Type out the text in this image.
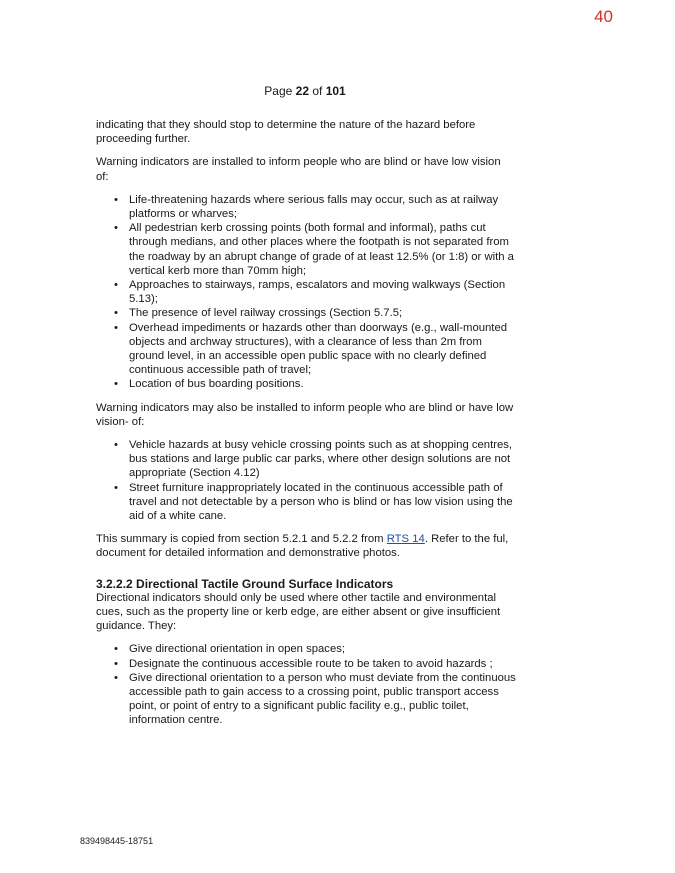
40
Page 22 of 101

indicating that they should stop to determine the nature of the hazard before proceeding further.

Warning indicators are installed to inform people who are blind or have low vision of:

• Life-threatening hazards where serious falls may occur, such as at railway platforms or wharves;
• All pedestrian kerb crossing points (both formal and informal), paths cut through medians, and other places where the footpath is not separated from the roadway by an abrupt change of grade of at least 12.5% (or 1:8) or with a vertical kerb more than 70mm high;
• Approaches to stairways, ramps, escalators and moving walkways (Section 5.13);
• The presence of level railway crossings (Section 5.7.5;
• Overhead impediments or hazards other than doorways (e.g., wall-mounted objects and archway structures), with a clearance of less than 2m from ground level, in an accessible open public space with no clearly defined continuous accessible path of travel;
• Location of bus boarding positions.

Warning indicators may also be installed to inform people who are blind or have low vision- of:

• Vehicle hazards at busy vehicle crossing points such as at shopping centres, bus stations and large public car parks, where other design solutions are not appropriate (Section 4.12)
• Street furniture inappropriately located in the continuous accessible path of travel and not detectable by a person who is blind or has low vision using the aid of a white cane.

This summary is copied from section 5.2.1 and 5.2.2 from RTS 14. Refer to the ful, document for detailed information and demonstrative photos.

3.2.2.2 Directional Tactile Ground Surface Indicators

Directional indicators should only be used where other tactile and environmental cues, such as the property line or kerb edge, are either absent or give insufficient guidance. They:

• Give directional orientation in open spaces;
• Designate the continuous accessible route to be taken to avoid hazards ;
• Give directional orientation to a person who must deviate from the continuous accessible path to gain access to a crossing point, public transport access point, or point of entry to a significant public facility e.g., public toilet, information centre.
839498445-18751
